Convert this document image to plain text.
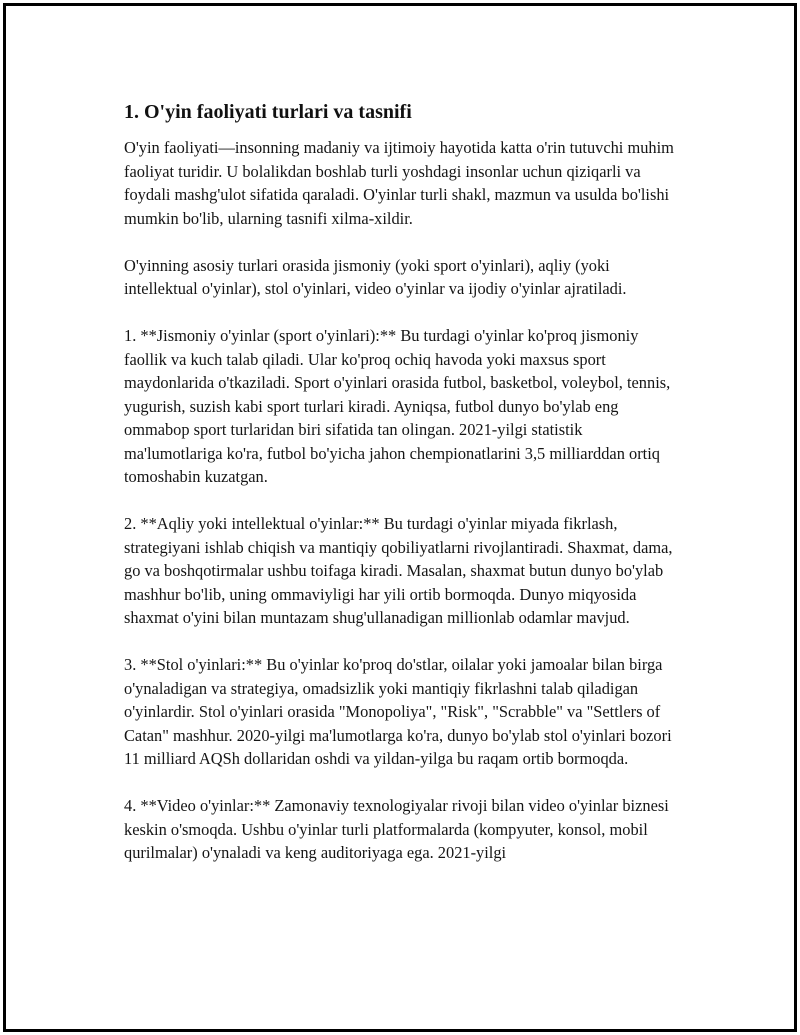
1. O'yin faoliyati turlari va tasnifi

O'yin faoliyati—insonning madaniy va ijtimoiy hayotida katta o'rin tutuvchi muhim faoliyat turidir. U bolalikdan boshlab turli yoshdagi insonlar uchun qiziqarli va foydali mashg'ulot sifatida qaraladi. O'yinlar turli shakl, mazmun va usulda bo'lishi mumkin bo'lib, ularning tasnifi xilma-xildir.

O'yinning asosiy turlari orasida jismoniy (yoki sport o'yinlari), aqliy (yoki intellektual o'yinlar), stol o'yinlari, video o'yinlar va ijodiy o'yinlar ajratiladi.

1. **Jismoniy o'yinlar (sport o'yinlari):** Bu turdagi o'yinlar ko'proq jismoniy faollik va kuch talab qiladi. Ular ko'proq ochiq havoda yoki maxsus sport maydonlarida o'tkaziladi. Sport o'yinlari orasida futbol, basketbol, voleybol, tennis, yugurish, suzish kabi sport turlari kiradi. Ayniqsa, futbol dunyo bo'ylab eng ommabop sport turlaridan biri sifatida tan olingan. 2021-yilgi statistik ma'lumotlariga ko'ra, futbol bo'yicha jahon chempionatlarini 3,5 milliarddan ortiq tomoshabin kuzatgan.

2. **Aqliy yoki intellektual o'yinlar:** Bu turdagi o'yinlar miyada fikrlash, strategiyani ishlab chiqish va mantiqiy qobiliyatlarni rivojlantiradi. Shaxmat, dama, go va boshqotirmalar ushbu toifaga kiradi. Masalan, shaxmat butun dunyo bo'ylab mashhur bo'lib, uning ommaviyligi har yili ortib bormoqda. Dunyo miqyosida shaxmat o'yini bilan muntazam shug'ullanadigan millionlab odamlar mavjud.

3. **Stol o'yinlari:** Bu o'yinlar ko'proq do'stlar, oilalar yoki jamoalar bilan birga o'ynaladigan va strategiya, omadsizlik yoki mantiqiy fikrlashni talab qiladigan o'yinlardir. Stol o'yinlari orasida "Monopoliya", "Risk", "Scrabble" va "Settlers of Catan" mashhur. 2020-yilgi ma'lumotlarga ko'ra, dunyo bo'ylab stol o'yinlari bozori 11 milliard AQSh dollaridan oshdi va yildan-yilga bu raqam ortib bormoqda.

4. **Video o'yinlar:** Zamonaviy texnologiyalar rivoji bilan video o'yinlar biznesi keskin o'smoqda. Ushbu o'yinlar turli platformalarda (kompyuter, konsol, mobil qurilmalar) o'ynaladi va keng auditoriyaga ega. 2021-yilgi
